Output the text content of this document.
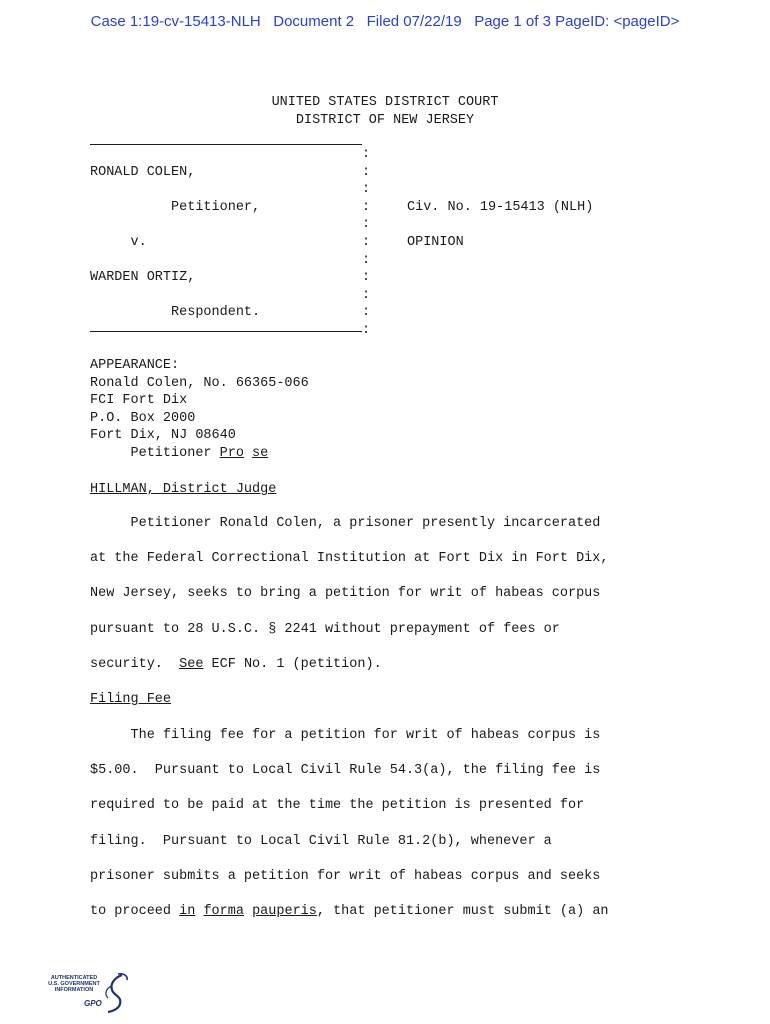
Case 1:19-cv-15413-NLH   Document 2   Filed 07/22/19   Page 1 of 3 PageID: <pageID>
UNITED STATES DISTRICT COURT
DISTRICT OF NEW JERSEY

RONALD COLEN,

Petitioner,

v.

WARDEN ORTIZ,

Respondent.
:
:
:
:
:
:
:
:
:
:
:

Civ. No. 19-15413 (NLH)

OPINION
APPEARANCE:
Ronald Colen, No. 66365-066
FCI Fort Dix
P.O. Box 2000
Fort Dix, NJ 08640
Petitioner Pro se
HILLMAN, District Judge
Petitioner Ronald Colen, a prisoner presently incarcerated
at the Federal Correctional Institution at Fort Dix in Fort Dix,
New Jersey, seeks to bring a petition for writ of habeas corpus
pursuant to 28 U.S.C. § 2241 without prepayment of fees or
security.  See ECF No. 1 (petition).
Filing Fee
The filing fee for a petition for writ of habeas corpus is
$5.00.  Pursuant to Local Civil Rule 54.3(a), the filing fee is
required to be paid at the time the petition is presented for
filing.  Pursuant to Local Civil Rule 81.2(b), whenever a
prisoner submits a petition for writ of habeas corpus and seeks
to proceed in forma pauperis, that petitioner must submit (a) an
AUTHENTICATED
U.S. GOVERNMENT
INFORMATION
GPO
